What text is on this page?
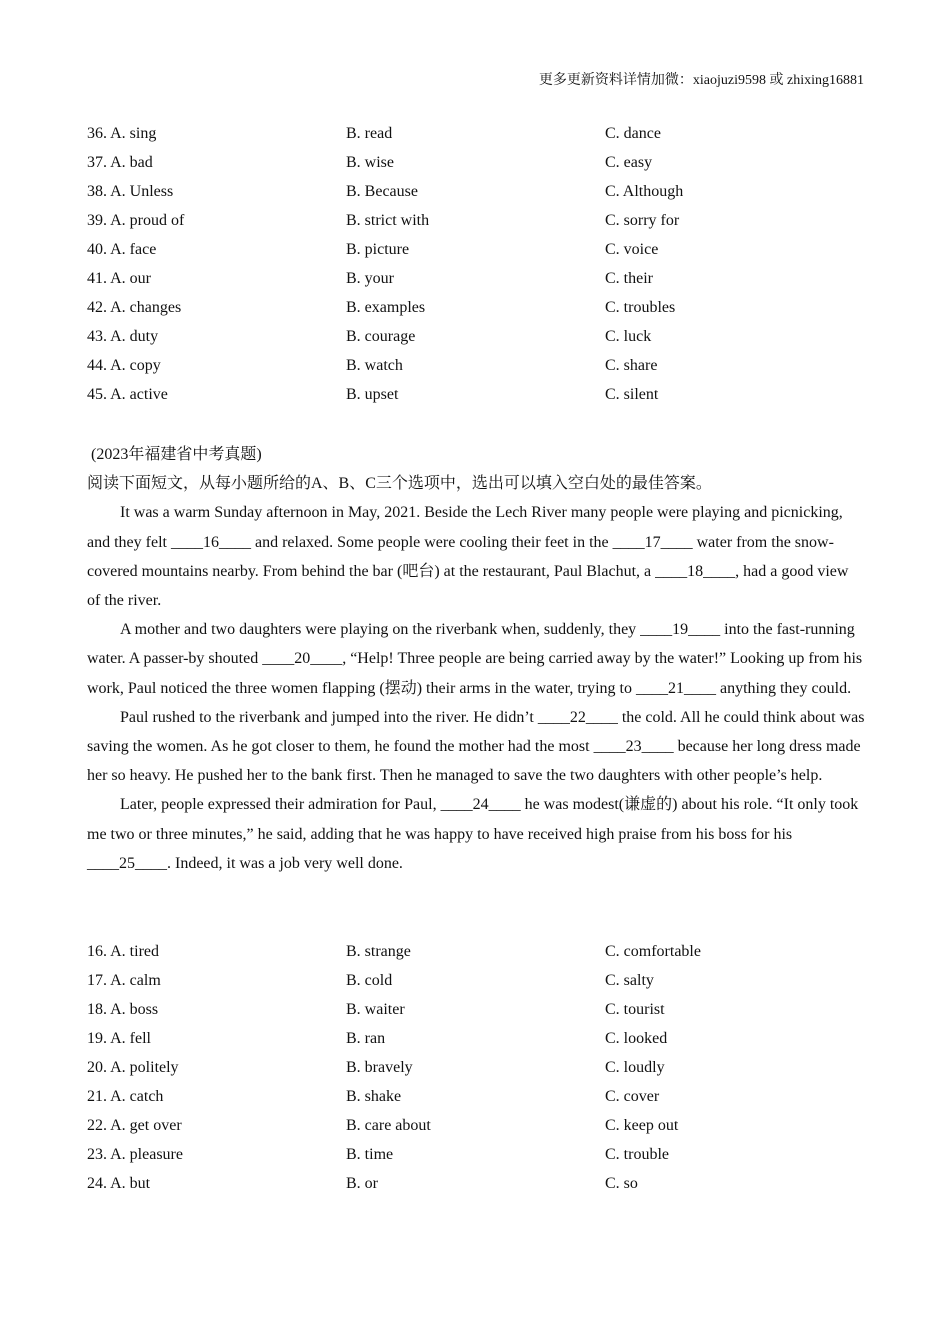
更多更新资料详情加微：xiaojuzi9598 或 zhixing16881
36. A. sing	B. read	C. dance
37. A. bad	B. wise	C. easy
38. A. Unless	B. Because	C. Although
39. A. proud of	B. strict with	C. sorry for
40. A. face	B. picture	C. voice
41. A. our	B. your	C. their
42. A. changes	B. examples	C. troubles
43. A. duty	B. courage	C. luck
44. A. copy	B. watch	C. share
45. A. active	B. upset	C. silent

(2023年福建省中考真题)

阅读下面短文，从每小题所给的A、B、C三个选项中，选出可以填入空白处的最佳答案。

It was a warm Sunday afternoon in May, 2021. Beside the Lech River many people were playing and picnicking, and they felt ____16____ and relaxed. Some people were cooling their feet in the ____17____ water from the snow-covered mountains nearby. From behind the bar (吧台) at the restaurant, Paul Blachut, a ____18____, had a good view of the river.

A mother and two daughters were playing on the riverbank when, suddenly, they ____19____ into the fast-running water. A passer-by shouted ____20____, “Help! Three people are being carried away by the water!” Looking up from his work, Paul noticed the three women flapping (摆动) their arms in the water, trying to ____21____ anything they could.

Paul rushed to the riverbank and jumped into the river. He didn’t ____22____ the cold. All he could think about was saving the women. As he got closer to them, he found the mother had the most ____23____ because her long dress made her so heavy. He pushed her to the bank first. Then he managed to save the two daughters with other people’s help.

Later, people expressed their admiration for Paul, ____24____ he was modest(谦虚的) about his role. “It only took me two or three minutes,” he said, adding that he was happy to have received high praise from his boss for his ____25____. Indeed, it was a job very well done.

16. A. tired	B. strange	C. comfortable
17. A. calm	B. cold	C. salty
18. A. boss	B. waiter	C. tourist
19. A. fell	B. ran	C. looked
20. A. politely	B. bravely	C. loudly
21. A. catch	B. shake	C. cover
22. A. get over	B. care about	C. keep out
23. A. pleasure	B. time	C. trouble
24. A. but	B. or	C. so
